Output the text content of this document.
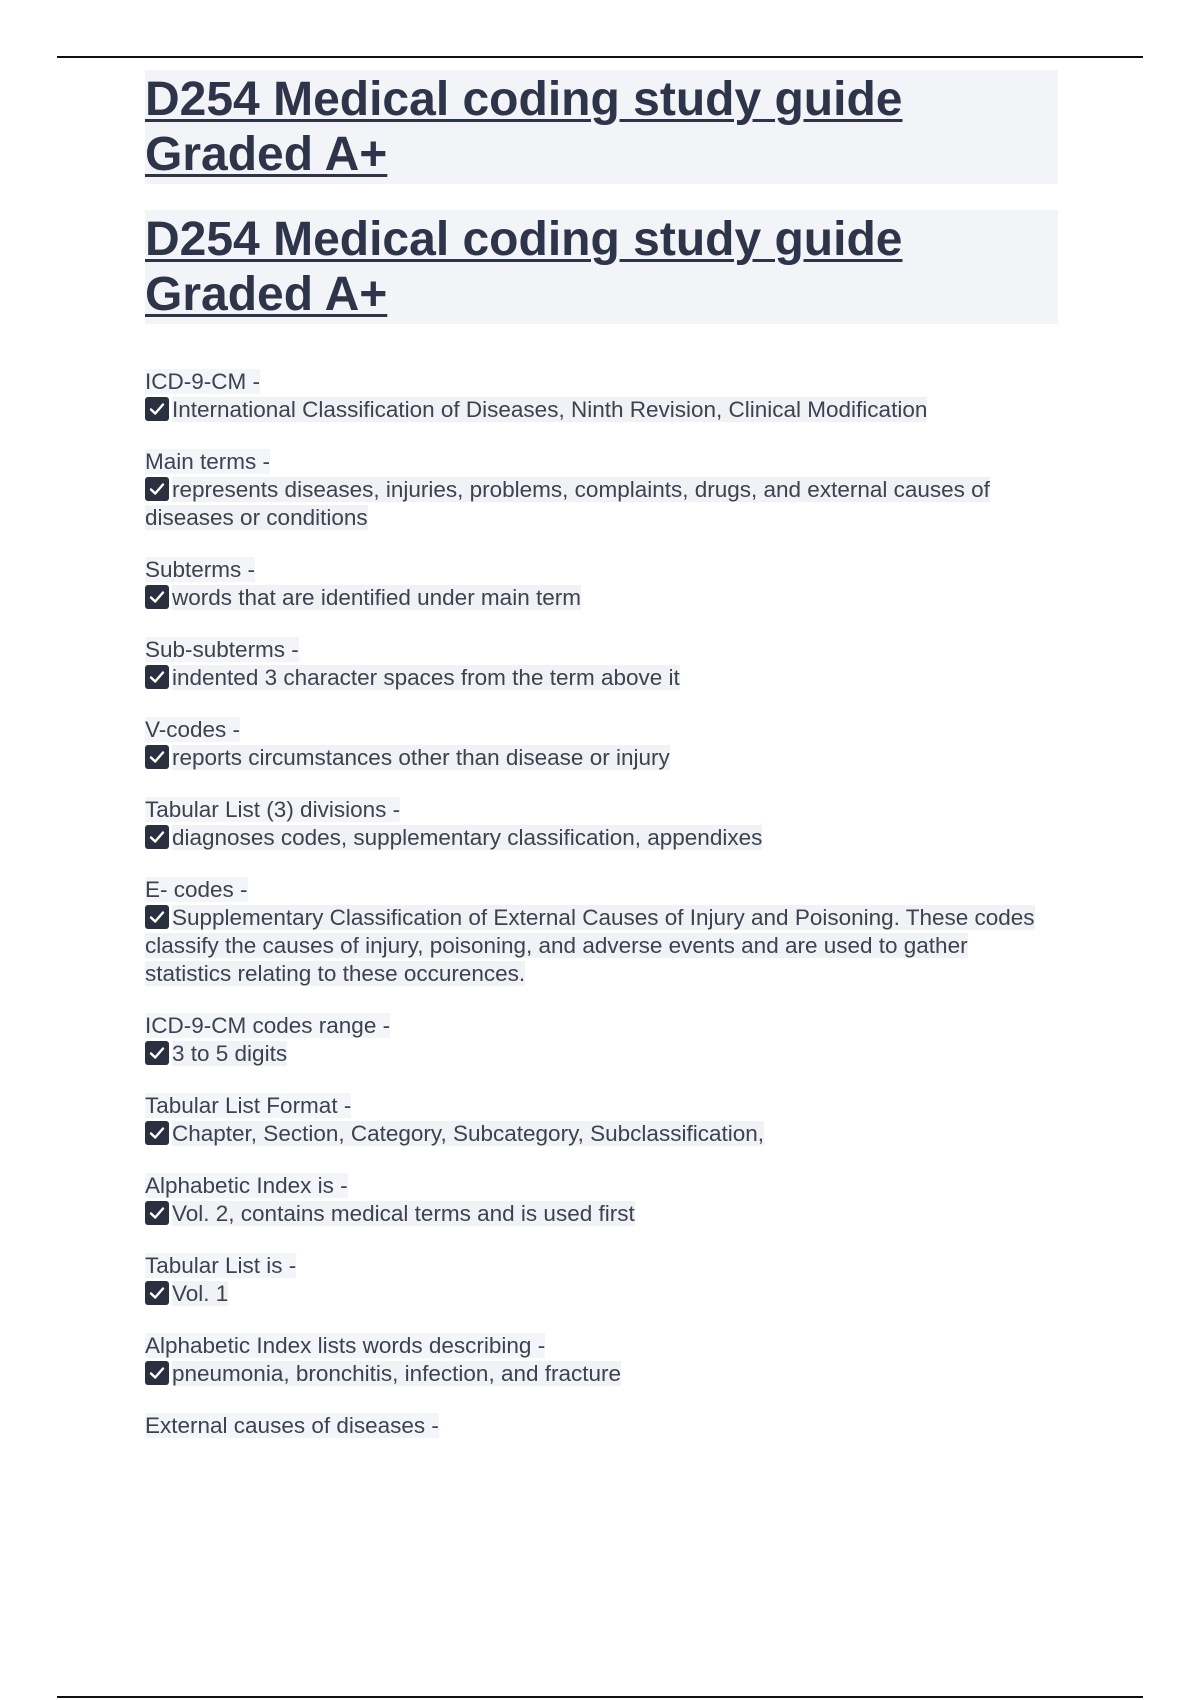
D254 Medical coding study guide Graded A+
D254 Medical coding study guide Graded A+
ICD-9-CM -
International Classification of Diseases, Ninth Revision, Clinical Modification
Main terms -
represents diseases, injuries, problems, complaints, drugs, and external causes of diseases or conditions
Subterms -
words that are identified under main term
Sub-subterms -
indented 3 character spaces from the term above it
V-codes -
reports circumstances other than disease or injury
Tabular List (3) divisions -
diagnoses codes, supplementary classification, appendixes
E- codes -
Supplementary Classification of External Causes of Injury and Poisoning. These codes classify the causes of injury, poisoning, and adverse events and are used to gather statistics relating to these occurences.
ICD-9-CM codes range -
3 to 5 digits
Tabular List Format -
Chapter, Section, Category, Subcategory, Subclassification,
Alphabetic Index is -
Vol. 2, contains medical terms and is used first
Tabular List is -
Vol. 1
Alphabetic Index lists words describing -
pneumonia, bronchitis, infection, and fracture
External causes of diseases -
